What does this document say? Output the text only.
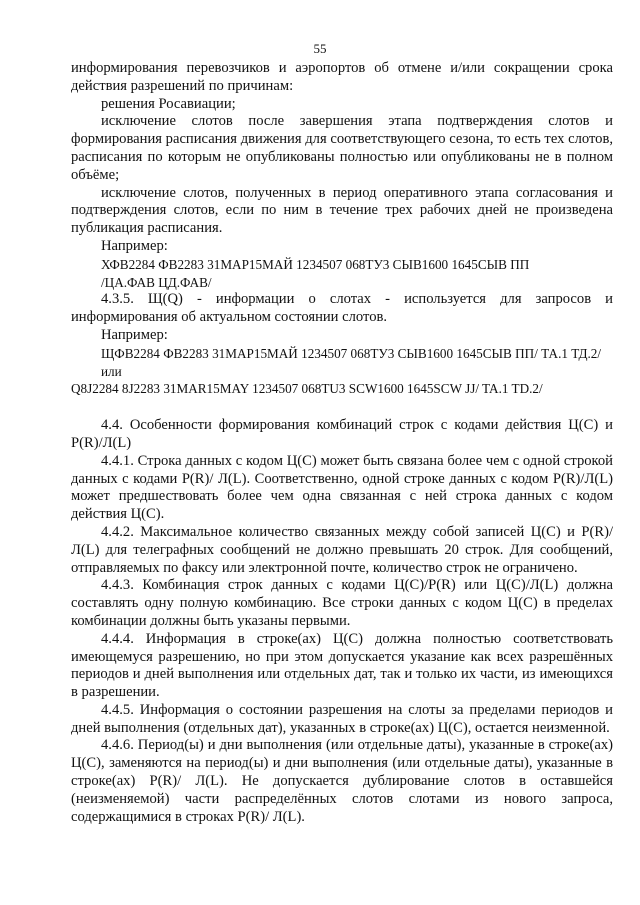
55

информирования перевозчиков и аэропортов об отмене и/или сокращении срока действия разрешений по причинам:

решения Росавиации;

исключение слотов после завершения этапа подтверждения слотов и формирования расписания движения для соответствующего сезона, то есть тех слотов, расписания по которым не опубликованы полностью или опубликованы не в полном объёме;

исключение слотов, полученных в период оперативного этапа согласования и подтверждения слотов, если по ним в течение трех рабочих дней не произведена публикация расписания.

Например:

ХФВ2284 ФВ2283 31МАР15МАЙ 1234507 068ТУ3 СЫВ1600 1645СЫВ ПП

/ЦА.ФАВ ЦД.ФАВ/

4.3.5. Щ(Q) - информации о слотах - используется для запросов и информирования об актуальном состоянии слотов.

Например:

ЩФВ2284 ФВ2283 31МАР15МАЙ 1234507 068ТУ3 СЫВ1600 1645СЫВ ПП/ ТА.1 ТД.2/

или

Q8J2284 8J2283 31MAR15MAY 1234507 068TU3 SCW1600 1645SCW JJ/ TA.1 TD.2/

4.4. Особенности формирования комбинаций строк с кодами действия Ц(С) и Р(R)/Л(L)

4.4.1. Строка данных с кодом Ц(С) может быть связана более чем с одной строкой данных с кодами Р(R)/ Л(L). Соответственно, одной строке данных с кодом Р(R)/Л(L) может предшествовать более чем одна связанная с ней строка данных с кодом действия Ц(С).

4.4.2. Максимальное количество связанных между собой записей Ц(С) и Р(R)/Л(L) для телеграфных сообщений не должно превышать 20 строк. Для сообщений, отправляемых по факсу или электронной почте, количество строк не ограничено.

4.4.3. Комбинация строк данных с кодами Ц(С)/Р(R) или Ц(С)/Л(L) должна составлять одну полную комбинацию. Все строки данных с кодом Ц(С) в пределах комбинации должны быть указаны первыми.

4.4.4. Информация в строке(ах) Ц(С) должна полностью соответствовать имеющемуся разрешению, но при этом допускается указание как всех разрешённых периодов и дней выполнения или отдельных дат, так и только их части, из имеющихся в разрешении.

4.4.5. Информация о состоянии разрешения на слоты за пределами периодов и дней выполнения (отдельных дат), указанных в строке(ах) Ц(С), остается неизменной.

4.4.6. Период(ы) и дни выполнения (или отдельные даты), указанные в строке(ах) Ц(С), заменяются на период(ы) и дни выполнения (или отдельные даты), указанные в строке(ах) Р(R)/ Л(L). Не допускается дублирование слотов в оставшейся (неизменяемой) части распределённых слотов слотами из нового запроса, содержащимися в строках Р(R)/ Л(L).
